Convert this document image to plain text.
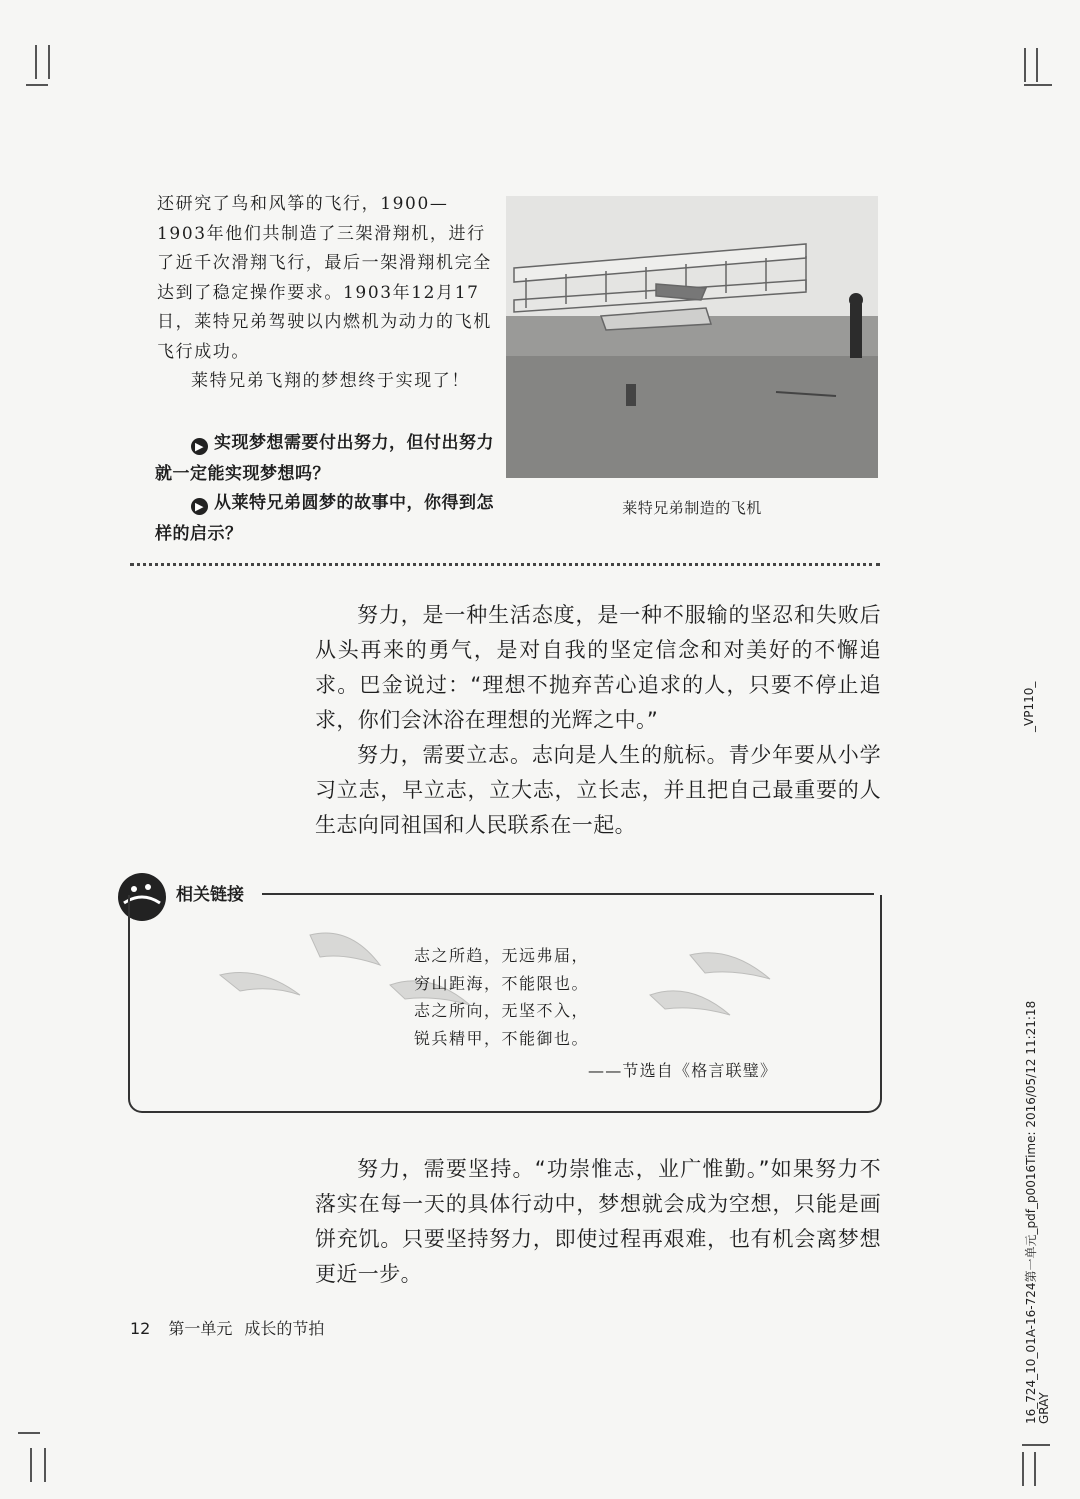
还研究了鸟和风筝的飞行，1900—1903年他们共制造了三架滑翔机，进行了近千次滑翔飞行，最后一架滑翔机完全达到了稳定操作要求。1903年12月17日，莱特兄弟驾驶以内燃机为动力的飞机飞行成功。

莱特兄弟飞翔的梦想终于实现了！

▶ 实现梦想需要付出努力，但付出努力就一定能实现梦想吗？
▶ 从莱特兄弟圆梦的故事中，你得到怎样的启示？
莱特兄弟制造的飞机

努力，是一种生活态度，是一种不服输的坚忍和失败后从头再来的勇气，是对自我的坚定信念和对美好的不懈追求。巴金说过：“理想不抛弃苦心追求的人，只要不停止追求，你们会沐浴在理想的光辉之中。”

努力，需要立志。志向是人生的航标。青少年要从小学习立志，早立志，立大志，立长志，并且把自己最重要的人生志向同祖国和人民联系在一起。

相关链接
志之所趋，无远弗届，
穷山距海，不能限也。
志之所向，无坚不入，
锐兵精甲，不能御也。
——节选自《格言联璧》

努力，需要坚持。“功崇惟志，业广惟勤。”如果努力不落实在每一天的具体行动中，梦想就会成为空想，只能是画饼充饥。只要坚持努力，即使过程再艰难，也有机会离梦想更近一步。

12 第一单元 成长的节拍
_VP110_
16_724_10_01A-16-724第一单元_pdf_p0016Time: 2016/05/12 11:21:18 GRAY
